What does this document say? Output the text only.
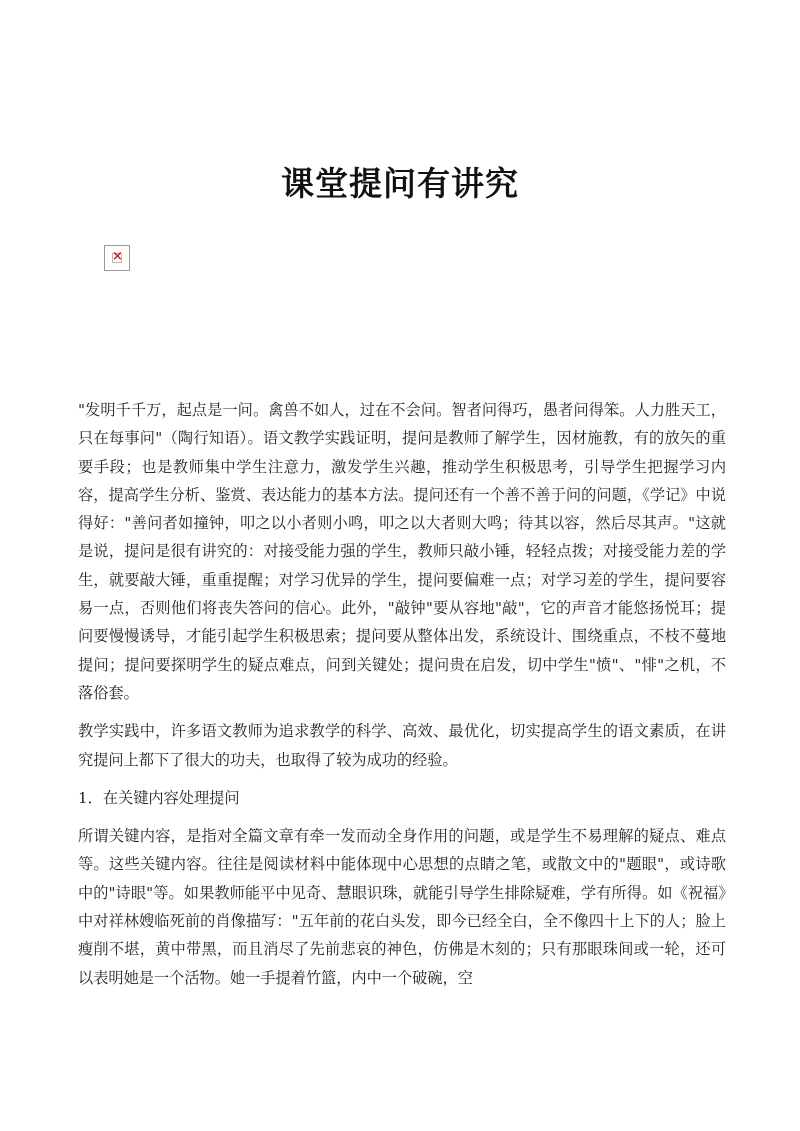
课堂提问有讲究
×

"发明千千万，起点是一问。禽兽不如人，过在不会问。智者问得巧，愚者问得笨。人力胜天工，只在每事问"（陶行知语）。语文教学实践证明，提问是教师了解学生，因材施教，有的放矢的重要手段；也是教师集中学生注意力，激发学生兴趣，推动学生积极思考，引导学生把握学习内容，提高学生分析、鉴赏、表达能力的基本方法。提问还有一个善不善于问的问题，《学记》中说得好："善问者如撞钟，叩之以小者则小鸣，叩之以大者则大鸣；待其以容，然后尽其声。"这就是说，提问是很有讲究的：对接受能力强的学生，教师只敲小锤，轻轻点拨；对接受能力差的学生，就要敲大锤，重重提醒；对学习优异的学生，提问要偏难一点；对学习差的学生，提问要容易一点，否则他们将丧失答问的信心。此外，"敲钟"要从容地"敲"，它的声音才能悠扬悦耳；提问要慢慢诱导，才能引起学生积极思索；提问要从整体出发，系统设计、围绕重点，不枝不蔓地提问；提问要探明学生的疑点难点，问到关键处；提问贵在启发，切中学生"愤"、"悱"之机，不落俗套。

教学实践中，许多语文教师为追求教学的科学、高效、最优化，切实提高学生的语文素质，在讲究提问上都下了很大的功夫，也取得了较为成功的经验。

1．在关键内容处理提问

所谓关键内容，是指对全篇文章有牵一发而动全身作用的问题，或是学生不易理解的疑点、难点等。这些关键内容。往往是阅读材料中能体现中心思想的点睛之笔，或散文中的"题眼"，或诗歌中的"诗眼"等。如果教师能平中见奇、慧眼识珠，就能引导学生排除疑难，学有所得。如《祝福》中对祥林嫂临死前的肖像描写："五年前的花白头发，即今已经全白，全不像四十上下的人；脸上瘦削不堪，黄中带黑，而且消尽了先前悲哀的神色，仿佛是木刻的；只有那眼珠间或一轮，还可以表明她是一个活物。她一手提着竹篮，内中一个破碗，空
